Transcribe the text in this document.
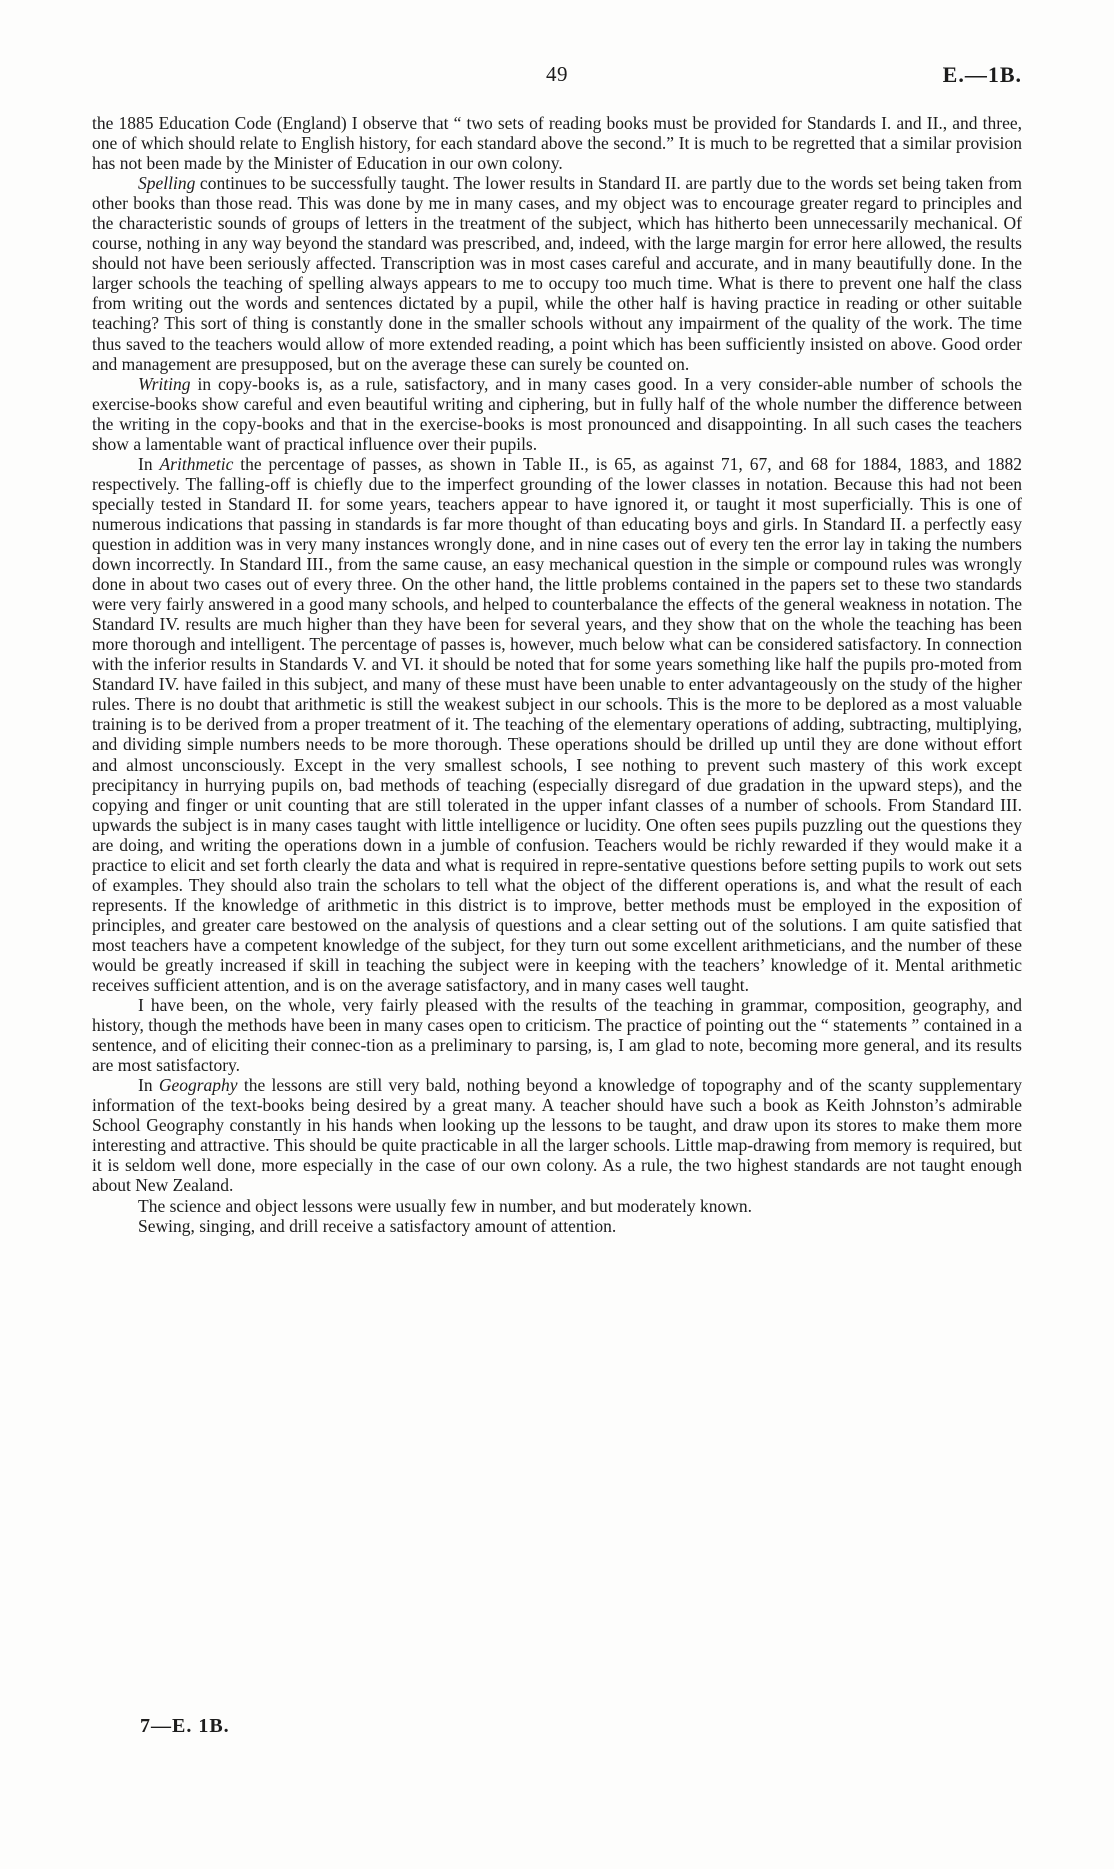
49	E.—1B.

the 1885 Education Code (England) I observe that “ two sets of reading books must be provided for Standards I. and II., and three, one of which should relate to English history, for each standard above the second.” It is much to be regretted that a similar provision has not been made by the Minister of Education in our own colony.

Spelling continues to be successfully taught. The lower results in Standard II. are partly due to the words set being taken from other books than those read. This was done by me in many cases, and my object was to encourage greater regard to principles and the characteristic sounds of groups of letters in the treatment of the subject, which has hitherto been unnecessarily mechanical. Of course, nothing in any way beyond the standard was prescribed, and, indeed, with the large margin for error here allowed, the results should not have been seriously affected. Transcription was in most cases careful and accurate, and in many beautifully done. In the larger schools the teaching of spelling always appears to me to occupy too much time. What is there to prevent one half the class from writing out the words and sentences dictated by a pupil, while the other half is having practice in reading or other suitable teaching? This sort of thing is constantly done in the smaller schools without any impairment of the quality of the work. The time thus saved to the teachers would allow of more extended reading, a point which has been sufficiently insisted on above. Good order and management are presupposed, but on the average these can surely be counted on.

Writing in copy-books is, as a rule, satisfactory, and in many cases good. In a very consider-able number of schools the exercise-books show careful and even beautiful writing and ciphering, but in fully half of the whole number the difference between the writing in the copy-books and that in the exercise-books is most pronounced and disappointing. In all such cases the teachers show a lamentable want of practical influence over their pupils.

In Arithmetic the percentage of passes, as shown in Table II., is 65, as against 71, 67, and 68 for 1884, 1883, and 1882 respectively. The falling-off is chiefly due to the imperfect grounding of the lower classes in notation. Because this had not been specially tested in Standard II. for some years, teachers appear to have ignored it, or taught it most superficially. This is one of numerous indications that passing in standards is far more thought of than educating boys and girls. In Standard II. a perfectly easy question in addition was in very many instances wrongly done, and in nine cases out of every ten the error lay in taking the numbers down incorrectly. In Standard III., from the same cause, an easy mechanical question in the simple or compound rules was wrongly done in about two cases out of every three. On the other hand, the little problems contained in the papers set to these two standards were very fairly answered in a good many schools, and helped to counterbalance the effects of the general weakness in notation. The Standard IV. results are much higher than they have been for several years, and they show that on the whole the teaching has been more thorough and intelligent. The percentage of passes is, however, much below what can be considered satisfactory. In connection with the inferior results in Standards V. and VI. it should be noted that for some years something like half the pupils pro-moted from Standard IV. have failed in this subject, and many of these must have been unable to enter advantageously on the study of the higher rules. There is no doubt that arithmetic is still the weakest subject in our schools. This is the more to be deplored as a most valuable training is to be derived from a proper treatment of it. The teaching of the elementary operations of adding, subtracting, multiplying, and dividing simple numbers needs to be more thorough. These operations should be drilled up until they are done without effort and almost unconsciously. Except in the very smallest schools, I see nothing to prevent such mastery of this work except precipitancy in hurrying pupils on, bad methods of teaching (especially disregard of due gradation in the upward steps), and the copying and finger or unit counting that are still tolerated in the upper infant classes of a number of schools. From Standard III. upwards the subject is in many cases taught with little intelligence or lucidity. One often sees pupils puzzling out the questions they are doing, and writing the operations down in a jumble of confusion. Teachers would be richly rewarded if they would make it a practice to elicit and set forth clearly the data and what is required in repre-sentative questions before setting pupils to work out sets of examples. They should also train the scholars to tell what the object of the different operations is, and what the result of each represents. If the knowledge of arithmetic in this district is to improve, better methods must be employed in the exposition of principles, and greater care bestowed on the analysis of questions and a clear setting out of the solutions. I am quite satisfied that most teachers have a competent knowledge of the subject, for they turn out some excellent arithmeticians, and the number of these would be greatly increased if skill in teaching the subject were in keeping with the teachers’ knowledge of it. Mental arithmetic receives sufficient attention, and is on the average satisfactory, and in many cases well taught.

I have been, on the whole, very fairly pleased with the results of the teaching in grammar, composition, geography, and history, though the methods have been in many cases open to criticism. The practice of pointing out the “ statements ” contained in a sentence, and of eliciting their connec-tion as a preliminary to parsing, is, I am glad to note, becoming more general, and its results are most satisfactory.

In Geography the lessons are still very bald, nothing beyond a knowledge of topography and of the scanty supplementary information of the text-books being desired by a great many. A teacher should have such a book as Keith Johnston’s admirable School Geography constantly in his hands when looking up the lessons to be taught, and draw upon its stores to make them more interesting and attractive. This should be quite practicable in all the larger schools. Little map-drawing from memory is required, but it is seldom well done, more especially in the case of our own colony. As a rule, the two highest standards are not taught enough about New Zealand.

The science and object lessons were usually few in number, and but moderately known.

Sewing, singing, and drill receive a satisfactory amount of attention.

7—E. 1B.
